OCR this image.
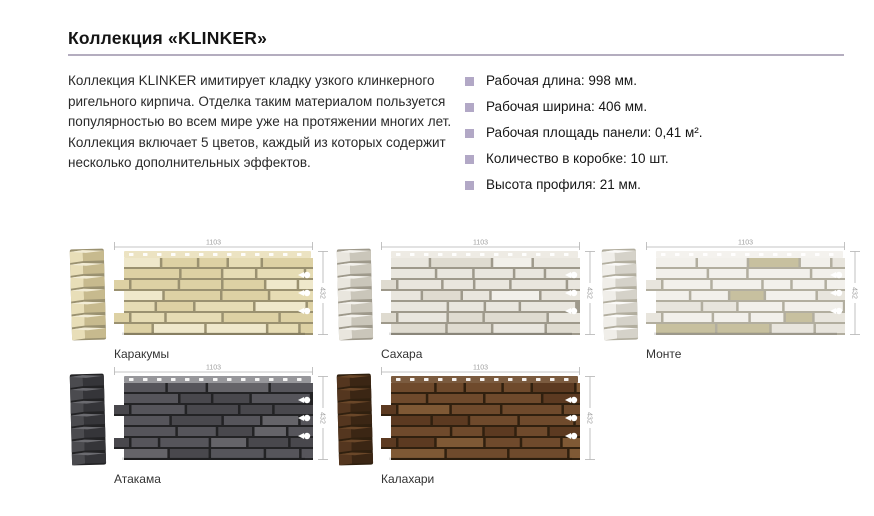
Коллекция «KLINKER»
Коллекция KLINKER имитирует кладку узкого клинкерного ригельного кирпича. Отделка таким материалом пользуется популярностью во всем мире уже на протяжении многих лет. Коллекция включает 5 цветов, каждый из которых содержит несколько дополнительных эффектов.
Рабочая длина: 998 мм.
Рабочая ширина: 406 мм.
Рабочая площадь панели: 0,41 м².
Количество в коробке: 10 шт.
Высота профиля: 21 мм.
1103
432
Каракумы
1103
432
Сахара
1103
432
Монте
1103
432
Атакама
1103
432
Калахари
